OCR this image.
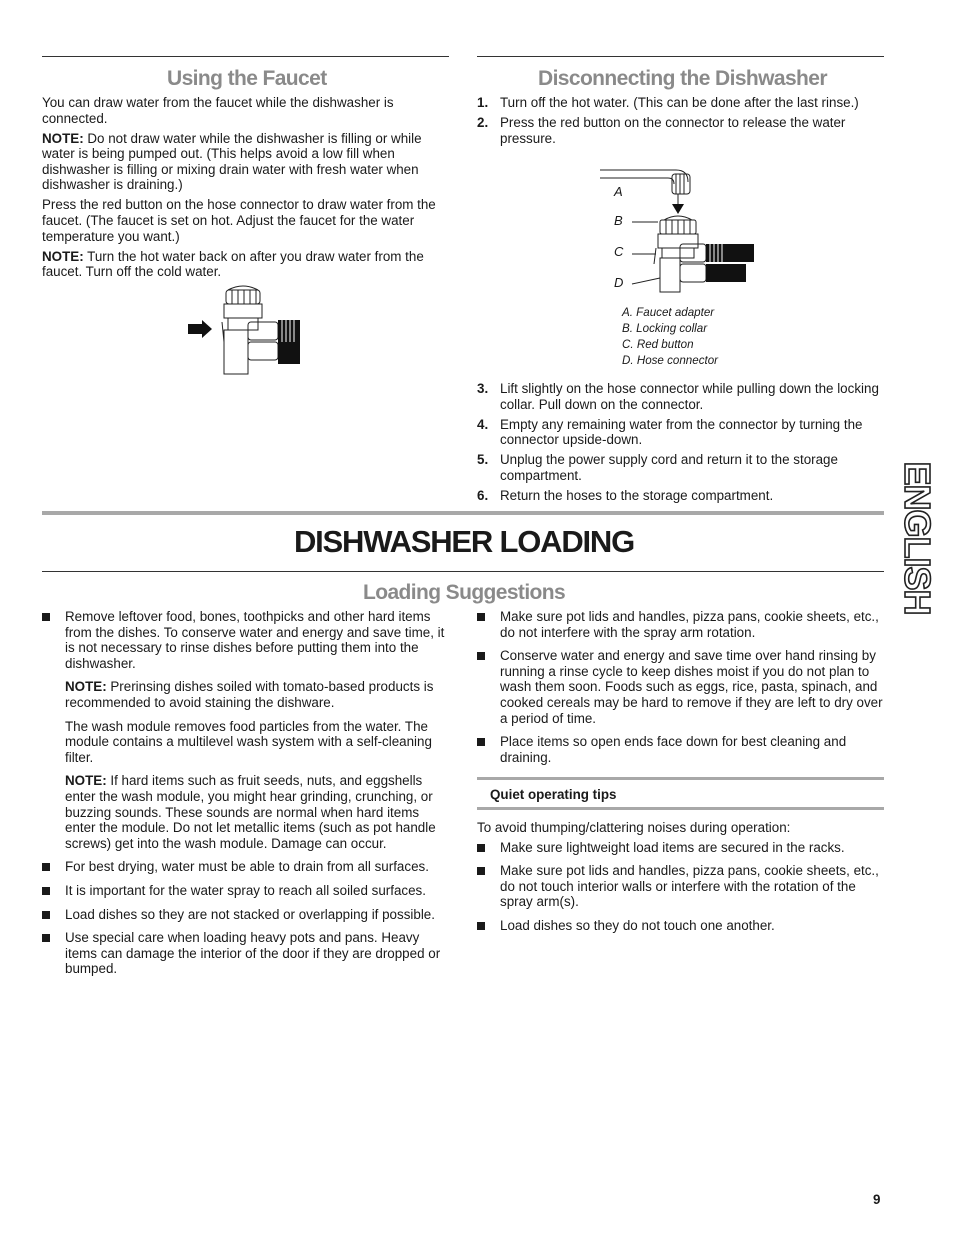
Using the Faucet

You can draw water from the faucet while the dishwasher is connected.

NOTE: Do not draw water while the dishwasher is filling or while water is being pumped out. (This helps avoid a low fill when dishwasher is filling or mixing drain water with fresh water when dishwasher is draining.)

Press the red button on the hose connector to draw water from the faucet. (The faucet is set on hot. Adjust the faucet for the water temperature you want.)

NOTE: Turn the hot water back on after you draw water from the faucet. Turn off the cold water.

Disconnecting the Dishwasher
1. Turn off the hot water. (This can be done after the last rinse.)
2. Press the red button on the connector to release the water pressure.
A
B
C
D
A. Faucet adapter
B. Locking collar
C. Red button
D. Hose connector
3. Lift slightly on the hose connector while pulling down the locking collar. Pull down on the connector.
4. Empty any remaining water from the connector by turning the connector upside-down.
5. Unplug the power supply cord and return it to the storage compartment.
6. Return the hoses to the storage compartment.
DISHWASHER LOADING
Loading Suggestions
Remove leftover food, bones, toothpicks and other hard items from the dishes. To conserve water and energy and save time, it is not necessary to rinse dishes before putting them into the dishwasher.

NOTE: Prerinsing dishes soiled with tomato-based products is recommended to avoid staining the dishware.

The wash module removes food particles from the water. The module contains a multilevel wash system with a self-cleaning filter.

NOTE: If hard items such as fruit seeds, nuts, and eggshells enter the wash module, you might hear grinding, crunching, or buzzing sounds. These sounds are normal when hard items enter the module. Do not let metallic items (such as pot handle screws) get into the wash module. Damage can occur.

For best drying, water must be able to drain from all surfaces.
It is important for the water spray to reach all soiled surfaces.
Load dishes so they are not stacked or overlapping if possible.
Use special care when loading heavy pots and pans. Heavy items can damage the interior of the door if they are dropped or bumped.
Make sure pot lids and handles, pizza pans, cookie sheets, etc., do not interfere with the spray arm rotation.
Conserve water and energy and save time over hand rinsing by running a rinse cycle to keep dishes moist if you do not plan to wash them soon. Foods such as eggs, rice, pasta, spinach, and cooked cereals may be hard to remove if they are left to dry over a period of time.
Place items so open ends face down for best cleaning and draining.
Quiet operating tips

To avoid thumping/clattering noises during operation:

Make sure lightweight load items are secured in the racks.
Make sure pot lids and handles, pizza pans, cookie sheets, etc., do not touch interior walls or interfere with the rotation of the spray arm(s).
Load dishes so they do not touch one another.
ENGLISH
9
